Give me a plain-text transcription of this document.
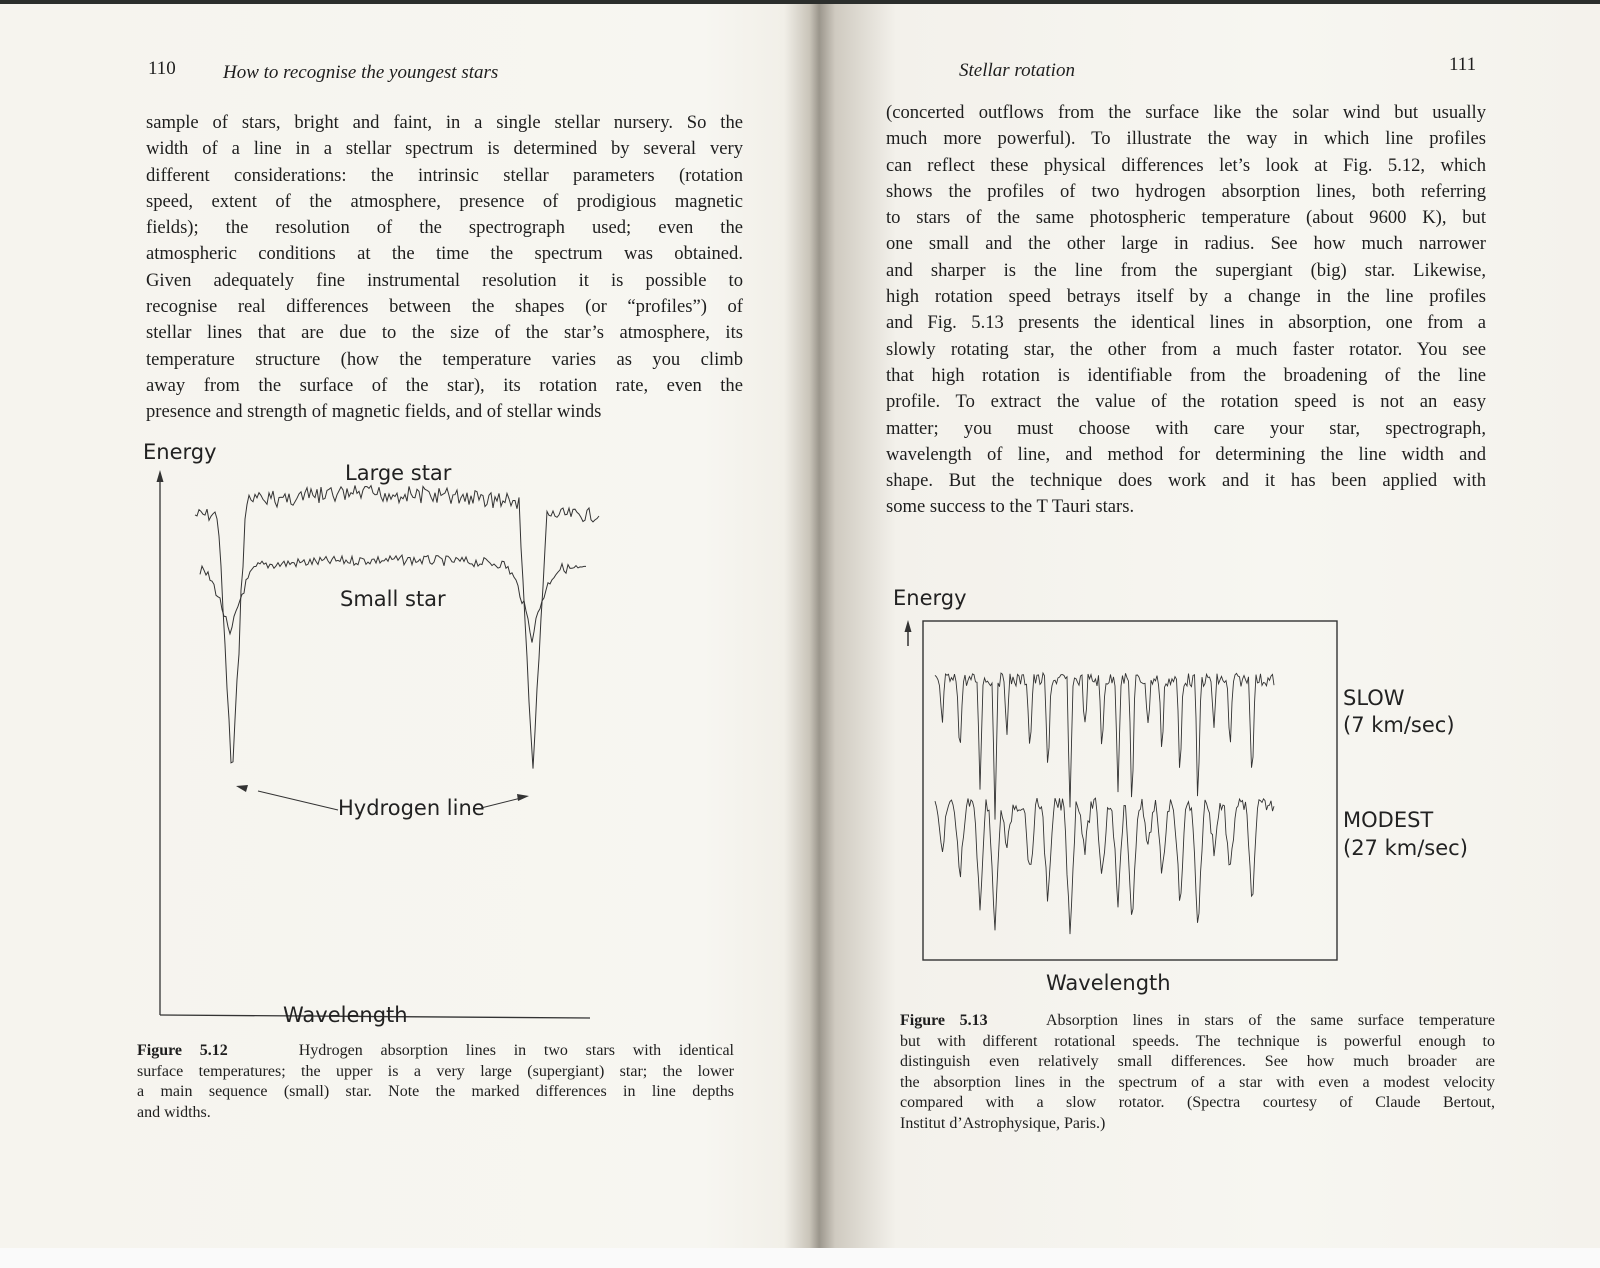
110 How to recognise the youngest stars
sample of stars, bright and faint, in a single stellar nursery. So the
width of a line in a stellar spectrum is determined by several very
different considerations: the intrinsic stellar parameters (rotation
speed, extent of the atmosphere, presence of prodigious magnetic
fields); the resolution of the spectrograph used; even the
atmospheric conditions at the time the spectrum was obtained.
Given adequately fine instrumental resolution it is possible to
recognise real differences between the shapes (or “profiles”) of
stellar lines that are due to the size of the star’s atmosphere, its
temperature structure (how the temperature varies as you climb
away from the surface of the star), its rotation rate, even the
presence and strength of magnetic fields, and of stellar winds
Energy
Large star
Small star
Hydrogen line
Wavelength
Figure 5.12	Hydrogen absorption lines in two stars with identical
surface temperatures; the upper is a very large (supergiant) star; the lower
a main sequence (small) star. Note the marked differences in line depths
and widths.
Stellar rotation	111
(concerted outflows from the surface like the solar wind but usually
much more powerful). To illustrate the way in which line profiles
can reflect these physical differences let’s look at Fig. 5.12, which
shows the profiles of two hydrogen absorption lines, both referring
to stars of the same photospheric temperature (about 9600 K), but
one small and the other large in radius. See how much narrower
and sharper is the line from the supergiant (big) star. Likewise,
high rotation speed betrays itself by a change in the line profiles
and Fig. 5.13 presents the identical lines in absorption, one from a
slowly rotating star, the other from a much faster rotator. You see
that high rotation is identifiable from the broadening of the line
profile. To extract the value of the rotation speed is not an easy
matter; you must choose with care your star, spectrograph,
wavelength of line, and method for determining the line width and
shape. But the technique does work and it has been applied with
some success to the T Tauri stars.
Energy
SLOW
(7 km/sec)
MODEST
(27 km/sec)
Wavelength
Figure 5.13	Absorption lines in stars of the same surface temperature
but with different rotational speeds. The technique is powerful enough to
distinguish even relatively small differences. See how much broader are
the absorption lines in the spectrum of a star with even a modest velocity
compared with a slow rotator. (Spectra courtesy of Claude Bertout,
Institut d’Astrophysique, Paris.)
